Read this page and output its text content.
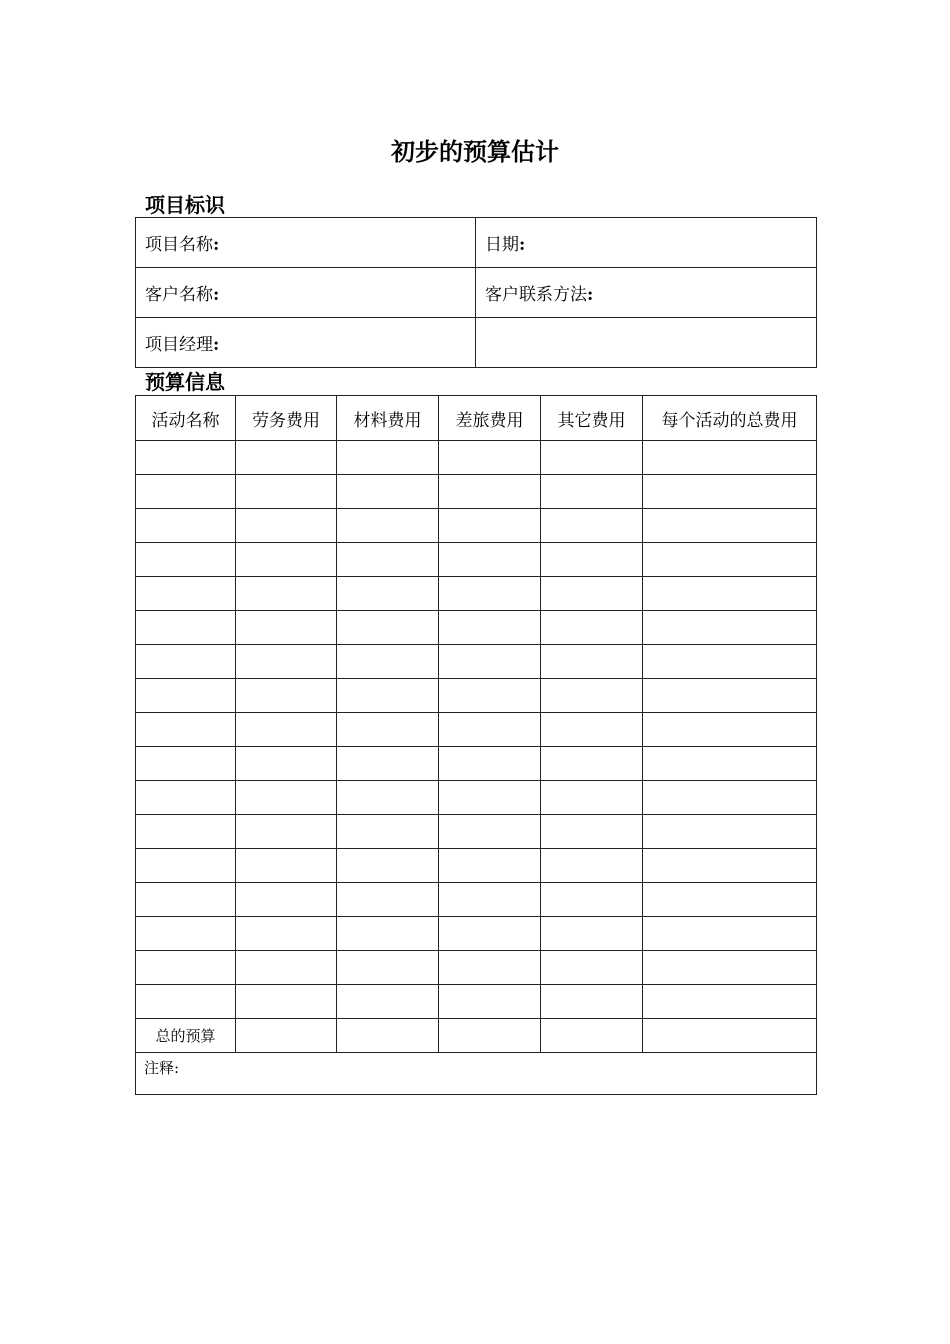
初步的预算估计
项目标识
项目名称:	日期:
客户名称:	客户联系方法:
项目经理:	
预算信息
活动名称	劳务费用	材料费用	差旅费用	其它费用	每个活动的总费用

总的预算					
注释:					
